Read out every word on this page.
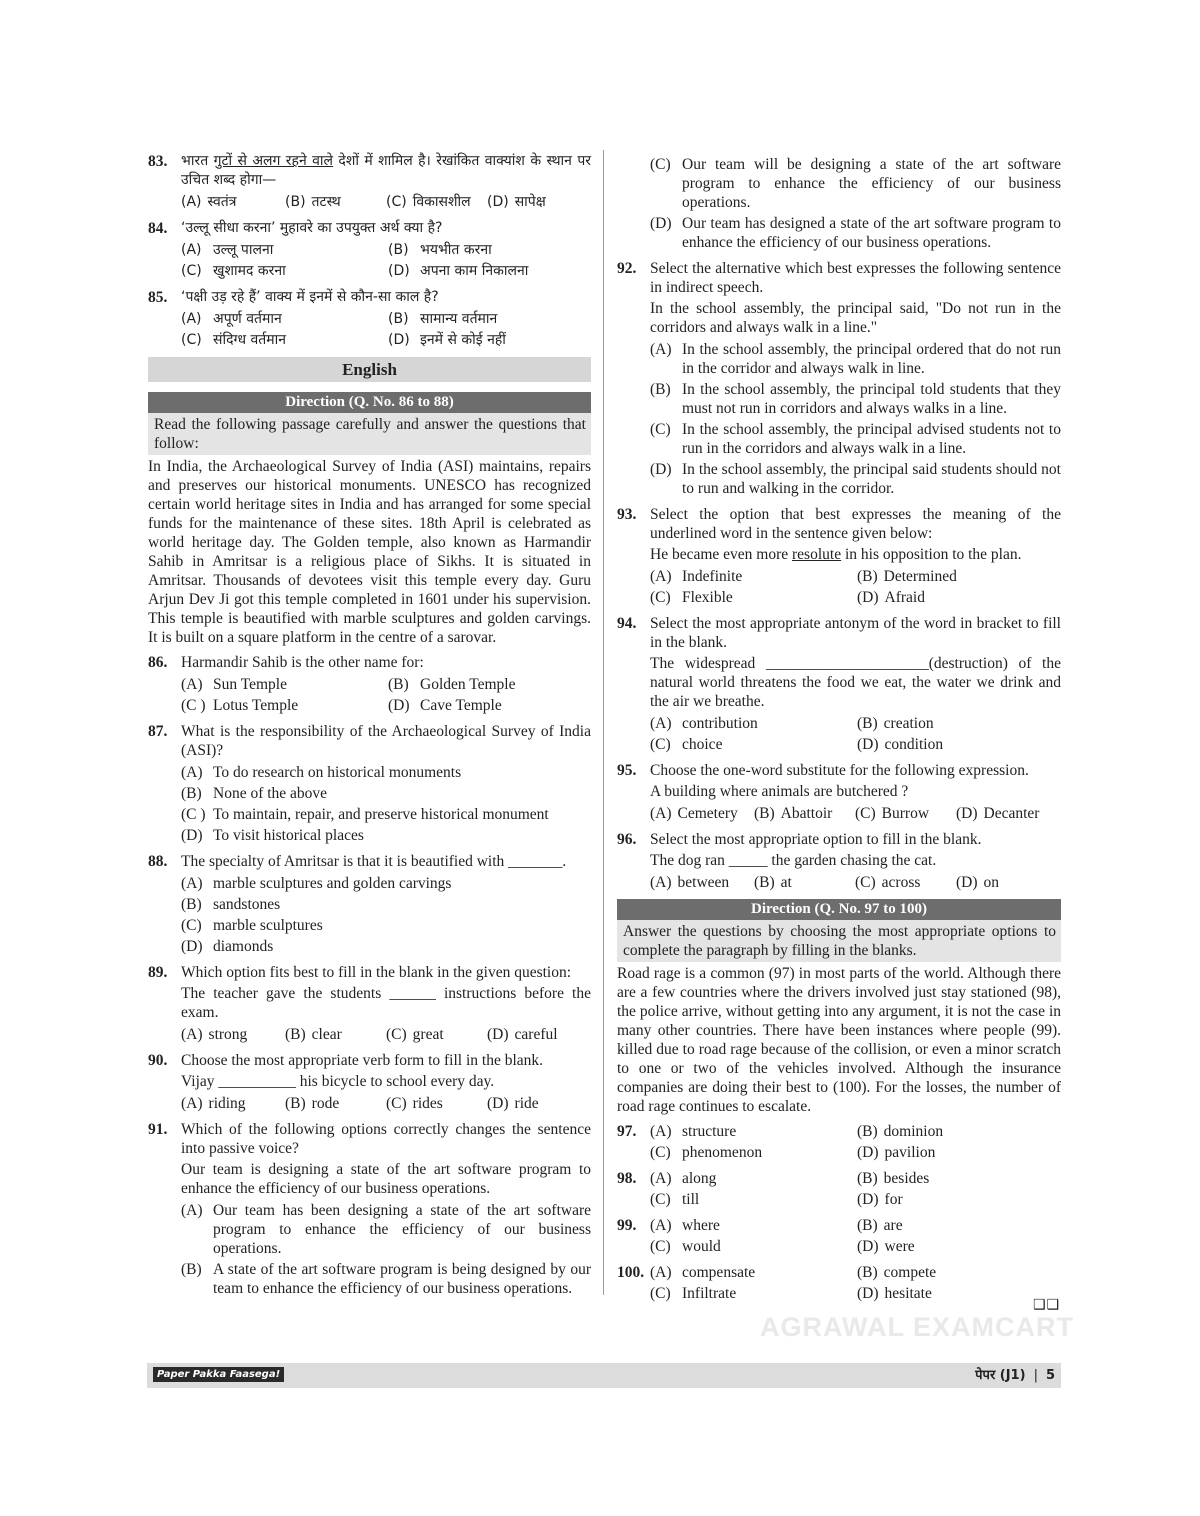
83. भारत गुटों से अलग रहने वाले देशों में शामिल है। रेखांकित वाक्यांश के स्थान पर उचित शब्द होगा—
(A) स्वतंत्र	(B) तटस्थ	(C) विकासशील	(D) सापेक्ष
84. ‘उल्लू सीधा करना’ मुहावरे का उपयुक्त अर्थ क्या है?
(A) उल्लू पालना	(B) भयभीत करना
(C) खुशामद करना	(D) अपना काम निकालना
85. ‘पक्षी उड़ रहे हैं’ वाक्य में इनमें से कौन-सा काल है?
(A) अपूर्ण वर्तमान	(B) सामान्य वर्तमान
(C) संदिग्ध वर्तमान	(D) इनमें से कोई नहीं
English
Direction (Q. No. 86 to 88)
Read the following passage carefully and answer the questions that follow:
In India, the Archaeological Survey of India (ASI) maintains, repairs and preserves our historical monuments. UNESCO has recognized certain world heritage sites in India and has arranged for some special funds for the maintenance of these sites. 18th April is celebrated as world heritage day. The Golden temple, also known as Harmandir Sahib in Amritsar is a religious place of Sikhs. It is situated in Amritsar. Thousands of devotees visit this temple every day. Guru Arjun Dev Ji got this temple completed in 1601 under his supervision. This temple is beautified with marble sculptures and golden carvings. It is built on a square platform in the centre of a sarovar.
86. Harmandir Sahib is the other name for:
(A) Sun Temple	(B) Golden Temple
(C ) Lotus Temple	(D) Cave Temple
87. What is the responsibility of the Archaeological Survey of India (ASI)?
(A) To do research on historical monuments
(B) None of the above
(C ) To maintain, repair, and preserve historical monument
(D) To visit historical places
88. The specialty of Amritsar is that it is beautified with _______.
(A) marble sculptures and golden carvings
(B) sandstones
(C) marble sculptures
(D) diamonds
89. Which option fits best to fill in the blank in the given question:
The teacher gave the students ______ instructions before the exam.
(A) strong	(B) clear	(C) great	(D) careful
90. Choose the most appropriate verb form to fill in the blank.
Vijay __________ his bicycle to school every day.
(A) riding	(B) rode	(C) rides	(D) ride
91. Which of the following options correctly changes the sentence into passive voice?
Our team is designing a state of the art software program to enhance the efficiency of our business operations.
(A) Our team has been designing a state of the art software program to enhance the efficiency of our business operations.
(B) A state of the art software program is being designed by our team to enhance the efficiency of our business operations.
(C) Our team will be designing a state of the art software program to enhance the efficiency of our business operations.
(D) Our team has designed a state of the art software program to enhance the efficiency of our business operations.
92. Select the alternative which best expresses the following sentence in indirect speech.
In the school assembly, the principal said, "Do not run in the corridors and always walk in a line."
(A) In the school assembly, the principal ordered that do not run in the corridor and always walk in line.
(B) In the school assembly, the principal told students that they must not run in corridors and always walks in a line.
(C) In the school assembly, the principal advised students not to run in the corridors and always walk in a line.
(D) In the school assembly, the principal said students should not to run and walking in the corridor.
93. Select the option that best expresses the meaning of the underlined word in the sentence given below:
He became even more resolute in his opposition to the plan.
(A) Indefinite	(B) Determined
(C) Flexible	(D) Afraid
94. Select the most appropriate antonym of the word in bracket to fill in the blank.
The widespread _____________________(destruction) of the natural world threatens the food we eat, the water we drink and the air we breathe.
(A) contribution	(B) creation
(C) choice	(D) condition
95. Choose the one-word substitute for the following expression.
A building where animals are butchered ?
(A) Cemetery	(B) Abattoir	(C) Burrow	(D) Decanter
96. Select the most appropriate option to fill in the blank.
The dog ran _____ the garden chasing the cat.
(A) between	(B) at	(C) across	(D) on
Direction (Q. No. 97 to 100)
Answer the questions by choosing the most appropriate options to complete the paragraph by filling in the blanks.
Road rage is a common (97) in most parts of the world. Although there are a few countries where the drivers involved just stay stationed (98), the police arrive, without getting into any argument, it is not the case in many other countries. There have been instances where people (99). killed due to road rage because of the collision, or even a minor scratch to one or two of the vehicles involved. Although the insurance companies are doing their best to (100). For the losses, the number of road rage continues to escalate.
97. (A) structure	(B) dominion
(C) phenomenon	(D) pavilion
98. (A) along	(B) besides
(C) till	(D) for
99. (A) where	(B) are
(C) would	(D) were
100. (A) compensate	(B) compete
(C) Infiltrate	(D) hesitate
❑❑
AGRAWAL EXAMCART
Paper Pakka Faasega!	पेपर (J1) | 5
